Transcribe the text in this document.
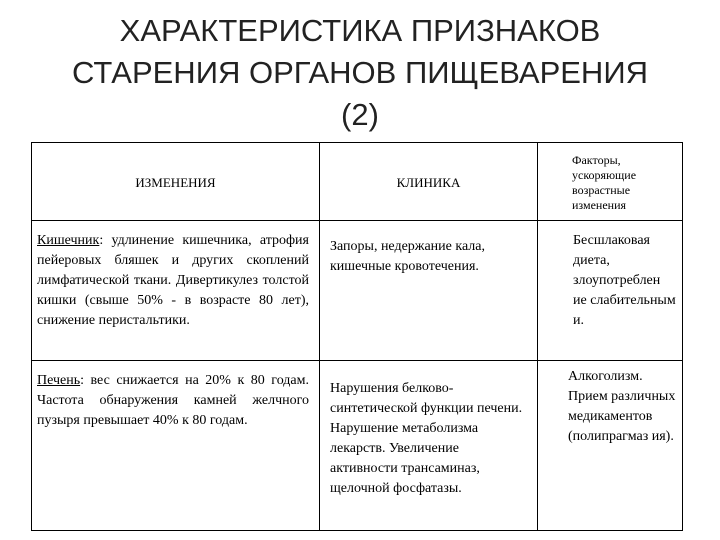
ХАРАКТЕРИСТИКА ПРИЗНАКОВ
СТАРЕНИЯ ОРГАНОВ ПИЩЕВАРЕНИЯ
(2)
ИЗМЕНЕНИЯ	КЛИНИКА	Факторы, ускоряющие возрастные изменения

Кишечник: удлинение кишечника, атрофия пейеровых бляшек и других скоплений лимфатической ткани. Дивертикулез толстой кишки (свыше 50% - в возрасте 80 лет), снижение перистальтики.	Запоры, недержание кала, кишечные кровотечения.	Бесшлаковая диета, злоупотреблен ие слабительным и.

Печень: вес снижается на 20% к 80 годам. Частота обнаружения камней желчного пузыря превышает 40% к 80 годам.	Нарушения белково-синтетической функции печени. Нарушение метаболизма лекарств. Увеличение активности трансаминаз, щелочной фосфатазы.	Алкоголизм. Прием различных медикаментов (полипрагмаз ия).
